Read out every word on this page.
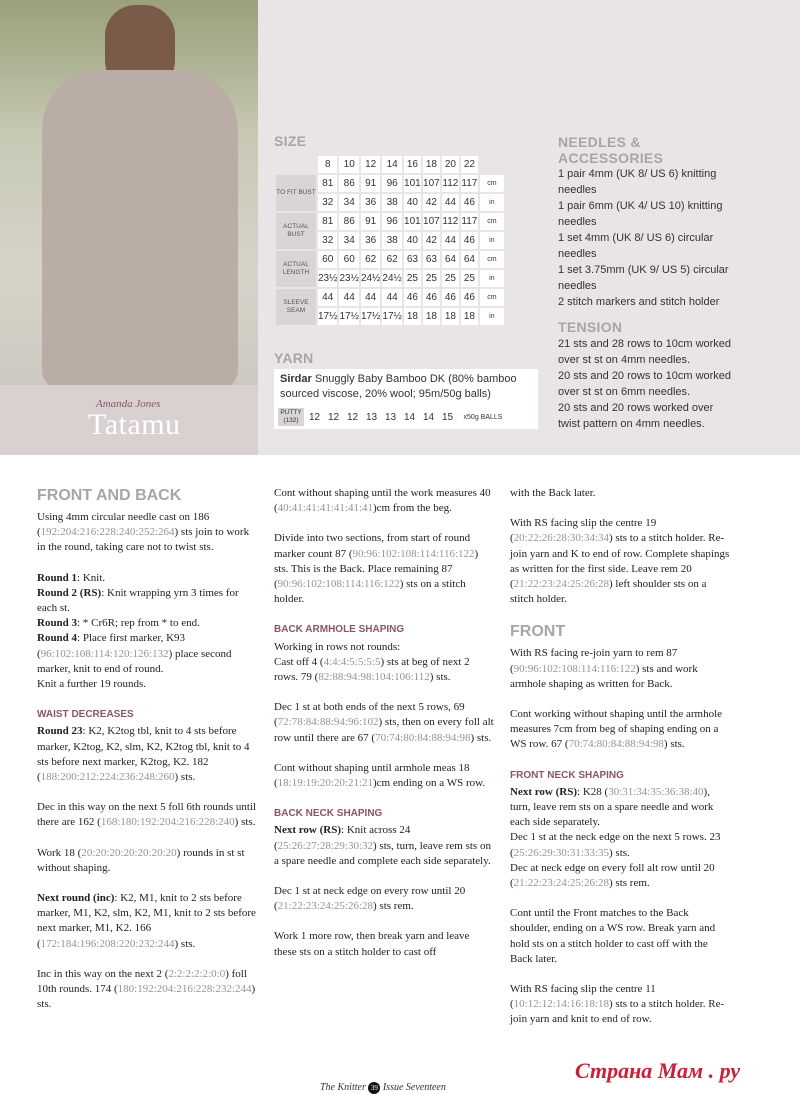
Amanda Jones
Tatamu
SIZE
	8	10	12	14	16	18	20	22	
TO FIT BUST	81	86	91	96	101	107	112	117	cm
	32	34	36	38	40	42	44	46	in
ACTUAL BUST	81	86	91	96	101	107	112	117	cm
	32	34	36	38	40	42	44	46	in
ACTUAL LENGTH	60	60	62	62	63	63	64	64	cm
	23½	23½	24½	24½	25	25	25	25	in
SLEEVE SEAM	44	44	44	44	46	46	46	46	cm
	17½	17½	17½	17½	18	18	18	18	in
YARN
Sirdar Snuggly Baby Bamboo DK (80% bamboo sourced viscose, 20% wool; 95m/50g balls)
PUTTY (132)	12	12	12	13	13	14	14	15	x50g BALLS
NEEDLES &
ACCESSORIES
1 pair 4mm (UK 8/ US 6) knitting needles
1 pair 6mm (UK 4/ US 10) knitting needles
1 set 4mm (UK 8/ US 6) circular needles
1 set 3.75mm (UK 9/ US 5) circular needles
2 stitch markers and stitch holder
TENSION
21 sts and 28 rows to 10cm worked over st st on 4mm needles.
20 sts and 20 rows to 10cm worked over st st on 6mm needles.
20 sts and 20 rows worked over twist pattern on 4mm needles.
FRONT AND BACK

Using 4mm circular needle cast on 186 (192:204:216:228:240:252:264) sts join to work in the round, taking care not to twist sts.

Round 1: Knit.

Round 2 (RS): Knit wrapping yrn 3 times for each st.

Round 3: * Cr6R; rep from * to end.

Round 4: Place first marker, K93 (96:102:108:114:120:126:132) place second marker, knit to end of round.

Knit a further 19 rounds.

WAIST DECREASES

Round 23: K2, K2tog tbl, knit to 4 sts before marker, K2tog, K2, slm, K2, K2tog tbl, knit to 4 sts before next marker, K2tog, K2. 182 (188:200:212:224:236:248:260) sts.

Dec in this way on the next 5 foll 6th rounds until there are 162 (168:180:192:204:216:228:240) sts.

Work 18 (20:20:20:20:20:20:20) rounds in st st without shaping.

Next round (inc): K2, M1, knit to 2 sts before marker, M1, K2, slm, K2, M1, knit to 2 sts before next marker, M1, K2. 166 (172:184:196:208:220:232:244) sts.

Inc in this way on the next 2 (2:2:2:2:2:0:0) foll 10th rounds. 174 (180:192:204:216:228:232:244) sts.

Cont without shaping until the work measures 40 (40:41:41:41:41:41:41)cm from the beg.

Divide into two sections, from start of round marker count 87 (90:96:102:108:114:116:122) sts. This is the Back. Place remaining 87 (90:96:102:108:114:116:122) sts on a stitch holder.

BACK ARMHOLE SHAPING

Working in rows not rounds:

Cast off 4 (4:4:4:5:5:5:5) sts at beg of next 2 rows. 79 (82:88:94:98:104:106:112) sts.

Dec 1 st at both ends of the next 5 rows, 69 (72:78:84:88:94:96:102) sts, then on every foll alt row until there are 67 (70:74:80:84:88:94:98) sts.

Cont without shaping until armhole meas 18 (18:19:19:20:20:21:21)cm ending on a WS row.

BACK NECK SHAPING

Next row (RS): Knit across 24 (25:26:27:28:29:30:32) sts, turn, leave rem sts on a spare needle and complete each side separately.

Dec 1 st at neck edge on every row until 20 (21:22:23:24:25:26:28) sts rem.

Work 1 more row, then break yarn and leave these sts on a stitch holder to cast off

with the Back later.

With RS facing slip the centre 19 (20:22:26:28:30:34:34) sts to a stitch holder. Re-join yarn and K to end of row. Complete shapings as written for the first side. Leave rem 20 (21:22:23:24:25:26:28) left shoulder sts on a stitch holder.

FRONT

With RS facing re-join yarn to rem 87 (90:96:102:108:114:116:122) sts and work armhole shaping as written for Back.

Cont working without shaping until the armhole measures 7cm from beg of shaping ending on a WS row. 67 (70:74:80:84:88:94:98) sts.

FRONT NECK SHAPING

Next row (RS): K28 (30:31:34:35:36:38:40), turn, leave rem sts on a spare needle and work each side separately.

Dec 1 st at the neck edge on the next 5 rows. 23 (25:26:29:30:31:33:35) sts.

Dec at neck edge on every foll alt row until 20 (21:22:23:24:25:26:28) sts rem.

Cont until the Front matches to the Back shoulder, ending on a WS row. Break yarn and hold sts on a stitch holder to cast off with the Back later.

With RS facing slip the centre 11 (10:12:12:14:16:18:18) sts to a stitch holder. Re-join yarn and knit to end of row.

The Knitter 39 Issue Seventeen
Страна Мам . ру
